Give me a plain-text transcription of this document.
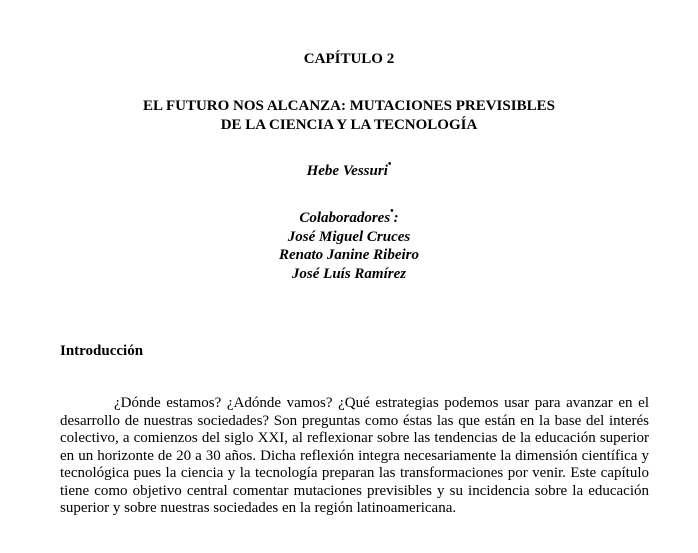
CAPÍTULO 2
EL FUTURO NOS ALCANZA: MUTACIONES PREVISIBLES
DE LA CIENCIA Y LA TECNOLOGÍA
Hebe Vessuri•
Colaboradores•:
José Miguel Cruces
Renato Janine Ribeiro
José Luís Ramírez
Introducción
¿Dónde estamos? ¿Adónde vamos? ¿Qué estrategias podemos usar para avanzar en el desarrollo de nuestras sociedades? Son preguntas como éstas las que están en la base del interés colectivo, a comienzos del siglo XXI, al reflexionar sobre las tendencias de la educación superior en un horizonte de 20 a 30 años. Dicha reflexión integra necesariamente la dimensión científica y tecnológica pues la ciencia y la tecnología preparan las transformaciones por venir. Este capítulo tiene como objetivo central comentar mutaciones previsibles y su incidencia sobre la educación superior y sobre nuestras sociedades en la región latinoamericana.
